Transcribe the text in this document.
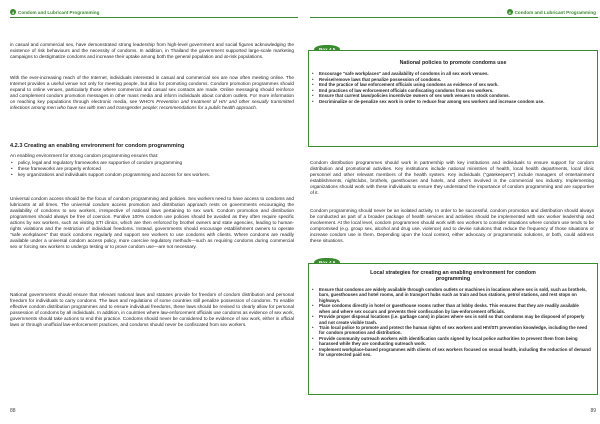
4 Condom and Lubricant Programming

in casual and commercial sex, have demonstrated strong leadership from high-level government and social figures acknowledging the existence of risk behaviours and the necessity of condoms. In addition, in Thailand the government supported large-scale marketing campaigns to destigmatize condoms and increase their uptake among both the general population and at-risk populations.

With the ever-increasing reach of the Internet, individuals interested in casual and commercial sex are now often meeting online. The Internet provides a useful venue not only for meeting people, but also for promoting condoms. Condom promotion programmes should expand to online venues, particularly those where commercial and casual sex contacts are made. Online messaging should reinforce and complement condom promotion messages in other mass media and inform individuals about condom outlets. For more information on reaching key populations through electronic media, see WHO's Prevention and treatment of HIV and other sexually transmitted infections among men who have sex with men and transgender people: recommendations for a public health approach.

4.2.3 Creating an enabling environment for condom programming

An enabling environment for strong condom programming ensures that:

• policy, legal and regulatory frameworks are supportive of condom programming
• these frameworks are properly enforced
• key organizations and individuals support condom programming and access for sex workers.

Universal condom access should be the focus of condom programming and policies. Sex workers need to have access to condoms and lubricants at all times. The universal condom access promotion and distribution approach rests on governments encouraging the availability of condoms to sex workers, irrespective of national laws pertaining to sex work. Condom promotion and distribution programmes should always be free of coercion. Punitive 100% condom use policies should be avoided as they often require specific actions by sex workers, such as visiting STI clinics, which are then enforced by brothel owners and state agencies, leading to human-rights violations and the restriction of individual freedoms. Instead, governments should encourage establishment owners to operate "safe workplaces" that stock condoms regularly and support sex workers to use condoms with clients. Where condoms are readily available under a universal condom access policy, more coercive regulatory methods—such as requiring condoms during commercial sex or forcing sex workers to undergo testing or to prove condom use—are not necessary.

National governments should ensure that relevant national laws and statutes provide for freedom of condom distribution and personal freedom for individuals to carry condoms. The laws and regulations of some countries still penalize possession of condoms. To enable effective condom distribution programmes and to ensure individual freedoms, these laws should be revised to clearly allow for personal possession of condoms by all individuals. In addition, in countries where law-enforcement officials use condoms as evidence of sex work, governments should take actions to end this practice. Condoms should never be considered to be evidence of sex work, either in official laws or through unofficial law-enforcement practices, and condoms should never be confiscated from sex workers.

88
4 Condom and Lubricant Programming

National policies to promote condoms use

• Encourage "safe workplaces" and availability of condoms in all sex work venues.
• Revise/remove laws that penalize possession of condoms.
• End the practice of law enforcement officials using condoms as evidence of sex work.
• End practices of law enforcement officials confiscating condoms from sex workers.
• Ensure that current laws/policies incentivize owners of sex work venues to stock condoms.
• Decriminalize or de-penalize sex work in order to reduce fear among sex workers and increase condom use.

Condom distribution programmes should work in partnership with key institutions and individuals to ensure support for condom distribution and promotional activities. Key institutions include national ministries of health, local health departments, local clinic personnel and other relevant members of the health system. Key individuals ("gatekeepers") include managers of entertainment establishments, nightclubs, brothels, guesthouses and hotels, and others involved in the commercial sex industry. Implementing organizations should work with these individuals to ensure they understand the importance of condom programming and are supportive of it.

Condom programming should never be an isolated activity. In order to be successful, condom promotion and distribution should always be conducted as part of a broader package of health services and activities should be implemented with sex worker leadership and involvement. At the local level, condom programmes should work with sex workers to consider situations where condom use tends to be compromised (e.g. group sex, alcohol and drug use, violence) and to devise solutions that reduce the frequency of those situations or increase condom use in them. Depending upon the local context, either advocacy or programmatic solutions, or both, could address these situations.

Local strategies for creating an enabling environment for condom programming

• Ensure that condoms are widely available through condom outlets or machines in locations where sex is sold, such as brothels, bars, guesthouses and hotel rooms, and in transport hubs such as train and bus stations, petrol stations, and rest stops on highways.
• Place condoms directly in hotel or guesthouse rooms rather than at lobby desks. This ensures that they are readily available when and where sex occurs and prevents their confiscation by law-enforcement officials.
• Provide proper disposal locations (i.e. garbage cans) in places where sex is sold so that condoms may be disposed of properly and not create visible trash.
• Train local police to promote and protect the human rights of sex workers and HIV/STI prevention knowledge, including the need for condom promotion and distribution.
• Provide community outreach workers with identification cards signed by local police authorities to prevent them from being harassed while they are conducting outreach work.
• Implement workplace-based programmes with clients of sex workers focused on sexual health, including the reduction of demand for unprotected paid sex.
89
